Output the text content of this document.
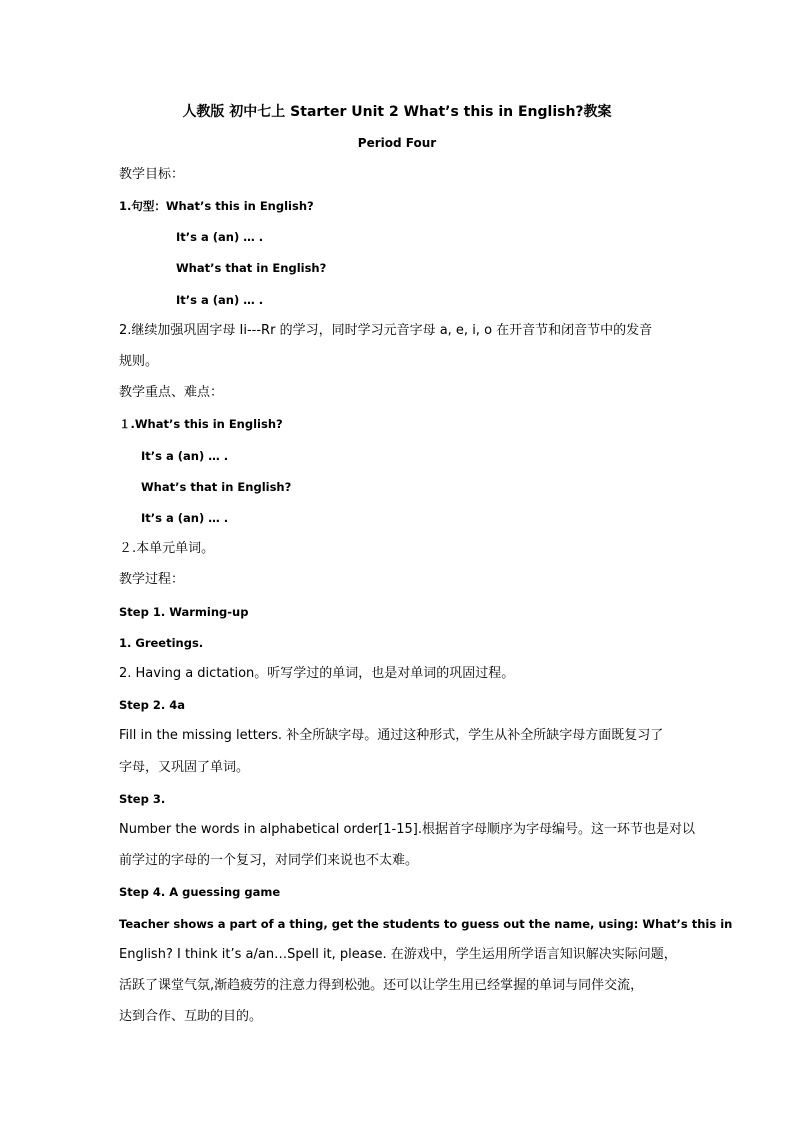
人教版 初中七上 Starter Unit 2 What’s this in English?教案
Period Four
教学目标：
1.句型：What’s this in English?
It’s a (an) … .
What’s that in English?
It’s a (an) … .
2.继续加强巩固字母 Ii---Rr 的学习，同时学习元音字母 a, e, i, o 在开音节和闭音节中的发音
规则。
教学重点、难点：
１.What’s this in English?
It’s a (an) … .
What’s that in English?
It’s a (an) … .
２.本单元单词。
教学过程：
Step 1. Warming-up
1. Greetings.
2. Having a dictation。听写学过的单词，也是对单词的巩固过程。
Step 2. 4a
Fill in the missing letters. 补全所缺字母。通过这种形式，学生从补全所缺字母方面既复习了
字母，又巩固了单词。
Step 3.
Number the words in alphabetical order[1-15].根据首字母顺序为字母编号。这一环节也是对以
前学过的字母的一个复习，对同学们来说也不太难。
Step 4. A guessing game
Teacher shows a part of a thing, get the students to guess out the name, using: What’s this in
English? I think it’s a/an…Spell it, please. 在游戏中，学生运用所学语言知识解决实际问题，
活跃了课堂气氛,渐趋疲劳的注意力得到松弛。还可以让学生用已经掌握的单词与同伴交流，
达到合作、互助的目的。
